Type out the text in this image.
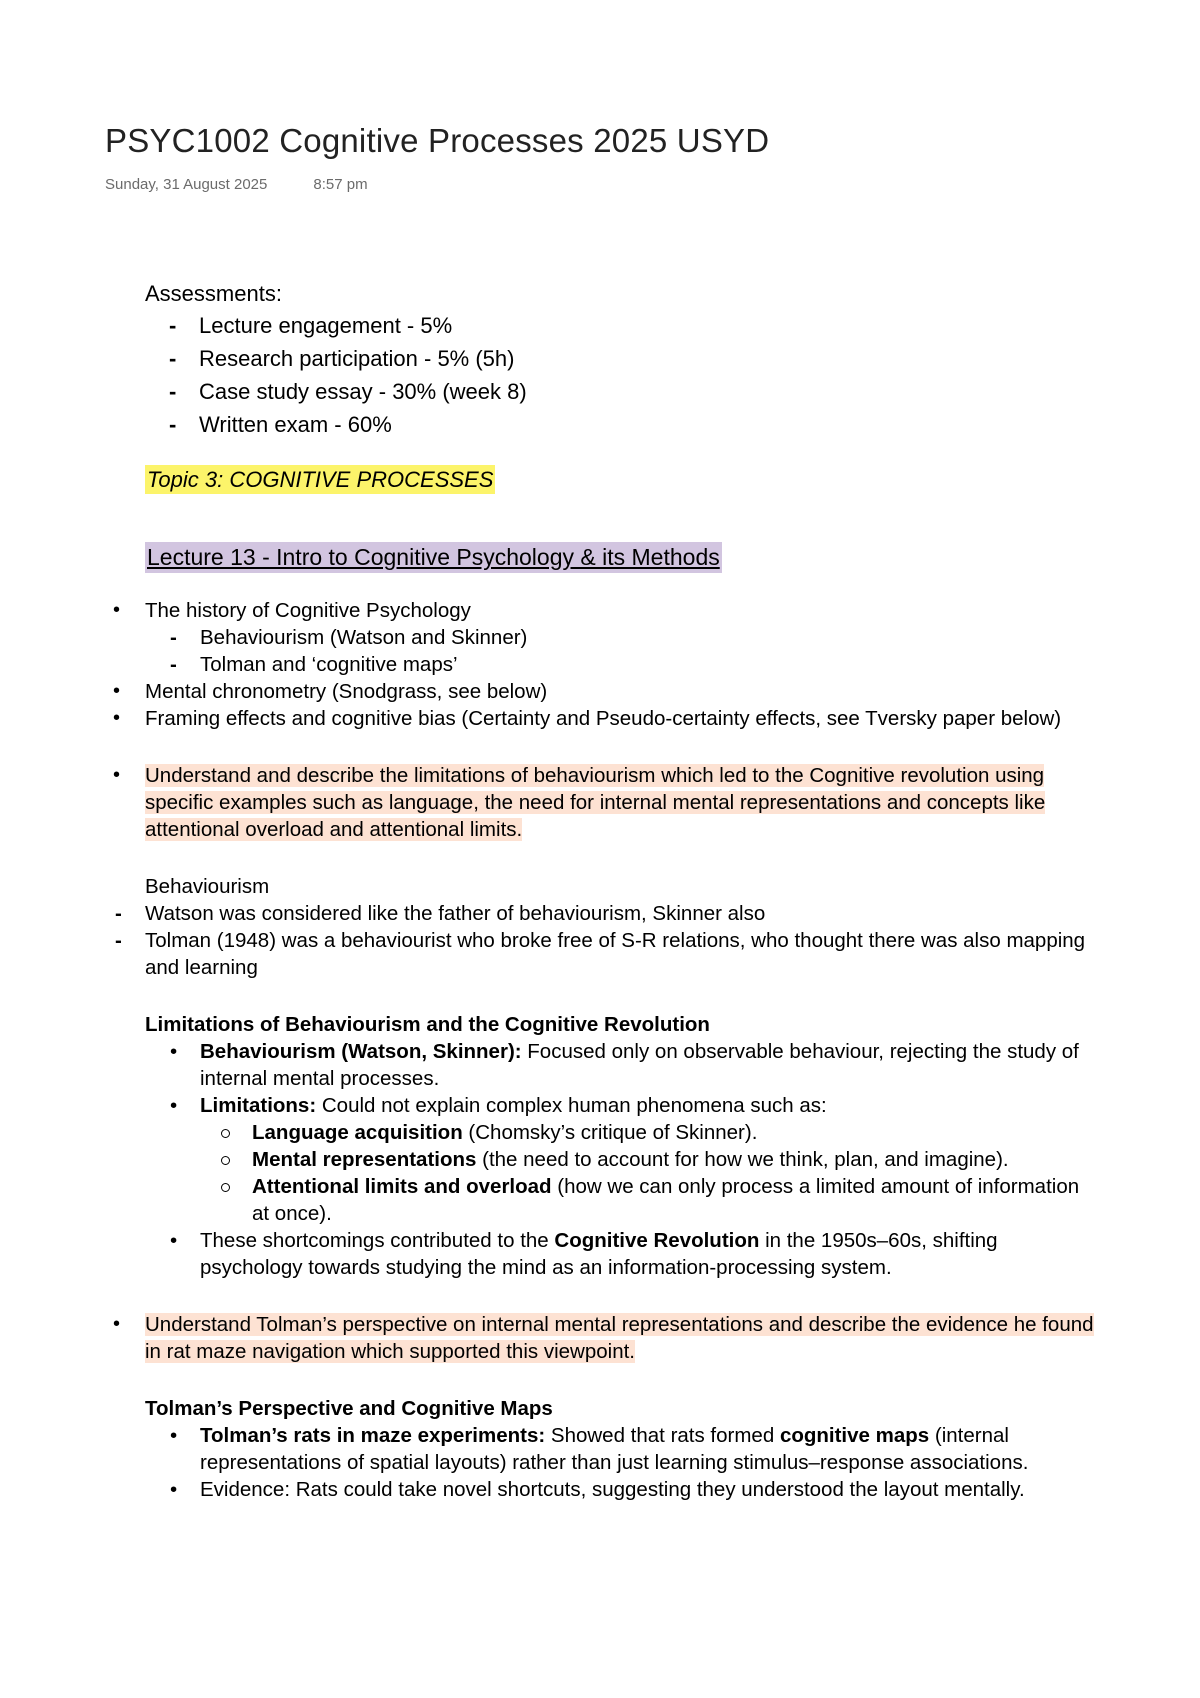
PSYC1002 Cognitive Processes 2025 USYD
Sunday, 31 August 2025	8:57 pm
Assessments:
- Lecture engagement - 5%
- Research participation - 5% (5h)
- Case study essay - 30% (week 8)
- Written exam - 60%
Topic 3: COGNITIVE PROCESSES
Lecture 13 - Intro to Cognitive Psychology & its Methods
• The history of Cognitive Psychology
- Behaviourism (Watson and Skinner)
- Tolman and ‘cognitive maps’
• Mental chronometry (Snodgrass, see below)
• Framing effects and cognitive bias (Certainty and Pseudo-certainty effects, see Tversky paper below)
• Understand and describe the limitations of behaviourism which led to the Cognitive revolution using specific examples such as language, the need for internal mental representations and concepts like attentional overload and attentional limits.
Behaviourism
- Watson was considered like the father of behaviourism, Skinner also
- Tolman (1948) was a behaviourist who broke free of S-R relations, who thought there was also mapping and learning
Limitations of Behaviourism and the Cognitive Revolution
• Behaviourism (Watson, Skinner): Focused only on observable behaviour, rejecting the study of internal mental processes.
• Limitations: Could not explain complex human phenomena such as:
Language acquisition (Chomsky’s critique of Skinner).
Mental representations (the need to account for how we think, plan, and imagine).
Attentional limits and overload (how we can only process a limited amount of information at once).
• These shortcomings contributed to the Cognitive Revolution in the 1950s–60s, shifting psychology towards studying the mind as an information-processing system.
• Understand Tolman’s perspective on internal mental representations and describe the evidence he found in rat maze navigation which supported this viewpoint.
Tolman’s Perspective and Cognitive Maps
• Tolman’s rats in maze experiments: Showed that rats formed cognitive maps (internal representations of spatial layouts) rather than just learning stimulus–response associations.
• Evidence: Rats could take novel shortcuts, suggesting they understood the layout mentally.
